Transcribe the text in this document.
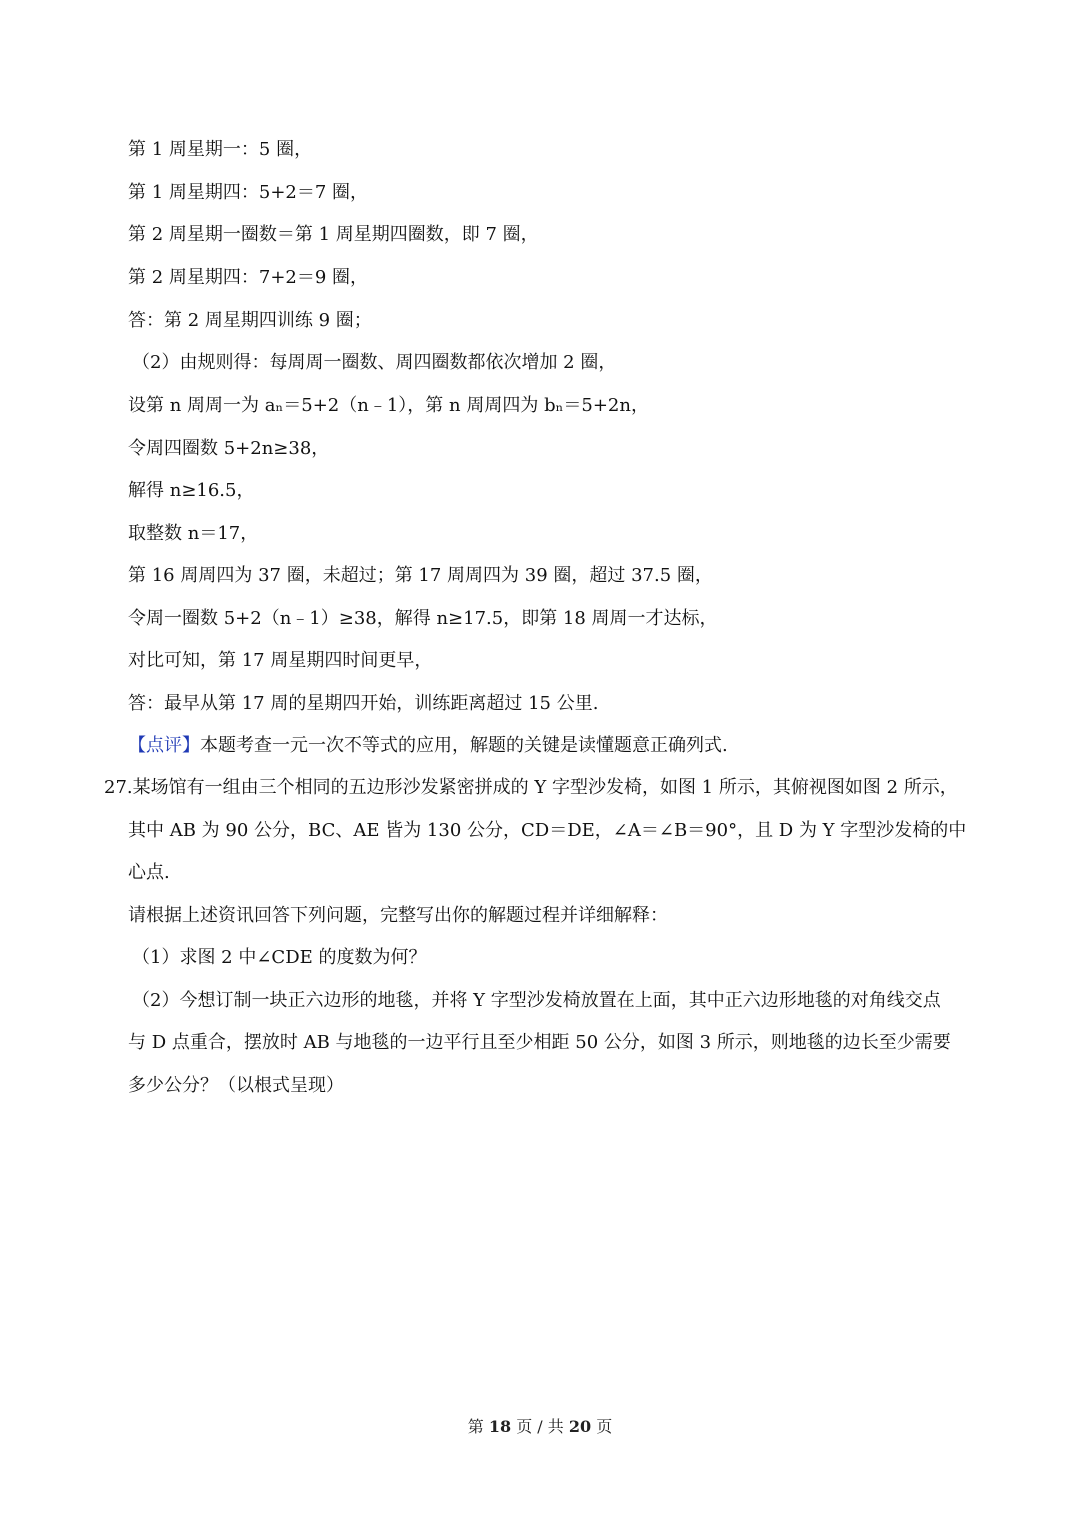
第 1 周星期一：5 圈，
第 1 周星期四：5+2＝7 圈，
第 2 周星期一圈数＝第 1 周星期四圈数，即 7 圈，
第 2 周星期四：7+2＝9 圈，
答：第 2 周星期四训练 9 圈；
（2）由规则得：每周周一圈数、周四圈数都依次增加 2 圈，
设第 n 周周一为 aₙ＝5+2（n﹣1），第 n 周周四为 bₙ＝5+2n，
令周四圈数 5+2n≥38，
解得 n≥16.5，
取整数 n＝17，
第 16 周周四为 37 圈，未超过；第 17 周周四为 39 圈，超过 37.5 圈，
令周一圈数 5+2（n﹣1）≥38，解得 n≥17.5，即第 18 周周一才达标，
对比可知，第 17 周星期四时间更早，
答：最早从第 17 周的星期四开始，训练距离超过 15 公里.
【点评】本题考查一元一次不等式的应用，解题的关键是读懂题意正确列式.
27.某场馆有一组由三个相同的五边形沙发紧密拼成的 Y 字型沙发椅，如图 1 所示，其俯视图如图 2 所示，
其中 AB 为 90 公分，BC、AE 皆为 130 公分，CD＝DE，∠A＝∠B＝90°，且 D 为 Y 字型沙发椅的中
心点.
请根据上述资讯回答下列问题，完整写出你的解题过程并详细解释：
（1）求图 2 中∠CDE 的度数为何？
（2）今想订制一块正六边形的地毯，并将 Y 字型沙发椅放置在上面，其中正六边形地毯的对角线交点
与 D 点重合，摆放时 AB 与地毯的一边平行且至少相距 50 公分，如图 3 所示，则地毯的边长至少需要
多少公分？（以根式呈现）
第 18 页 / 共 20 页
